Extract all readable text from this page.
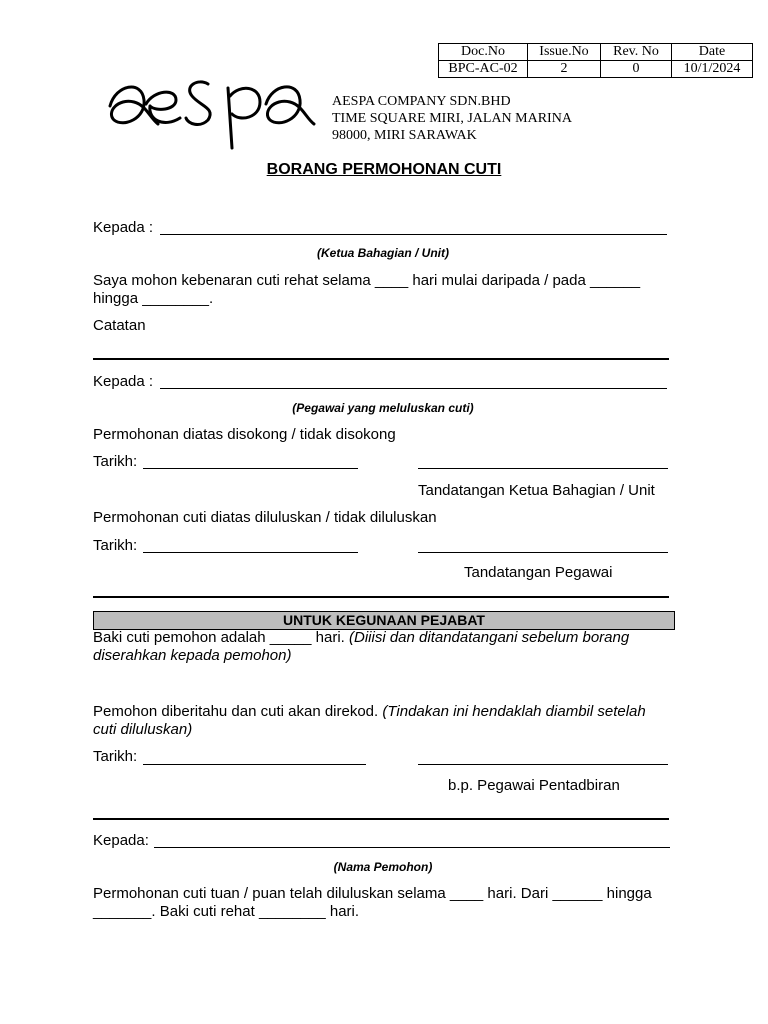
Doc.No	Issue.No	Rev. No	Date
BPC-AC-02	2	0	10/1/2024
AESPA COMPANY SDN.BHD
TIME SQUARE MIRI, JALAN MARINA
98000, MIRI SARAWAK
BORANG PERMOHONAN CUTI
Kepada :
(Ketua Bahagian / Unit)
Saya mohon kebenaran cuti rehat selama ____ hari mulai daripada / pada ______
hingga ________.
Catatan
Kepada :
(Pegawai yang meluluskan cuti)
Permohonan diatas disokong / tidak disokong
Tarikh:
Tandatangan Ketua Bahagian / Unit
Permohonan cuti diatas diluluskan / tidak diluluskan
Tarikh:
Tandatangan Pegawai
UNTUK KEGUNAAN PEJABAT
Baki cuti pemohon adalah _____ hari. (Diiisi dan ditandatangani sebelum borang
diserahkan kepada pemohon)
Pemohon diberitahu dan cuti akan direkod. (Tindakan ini hendaklah diambil setelah
cuti diluluskan)
Tarikh:
b.p. Pegawai Pentadbiran
Kepada:
(Nama Pemohon)
Permohonan cuti tuan / puan telah diluluskan selama ____ hari. Dari ______ hingga
_______. Baki cuti rehat ________ hari.
